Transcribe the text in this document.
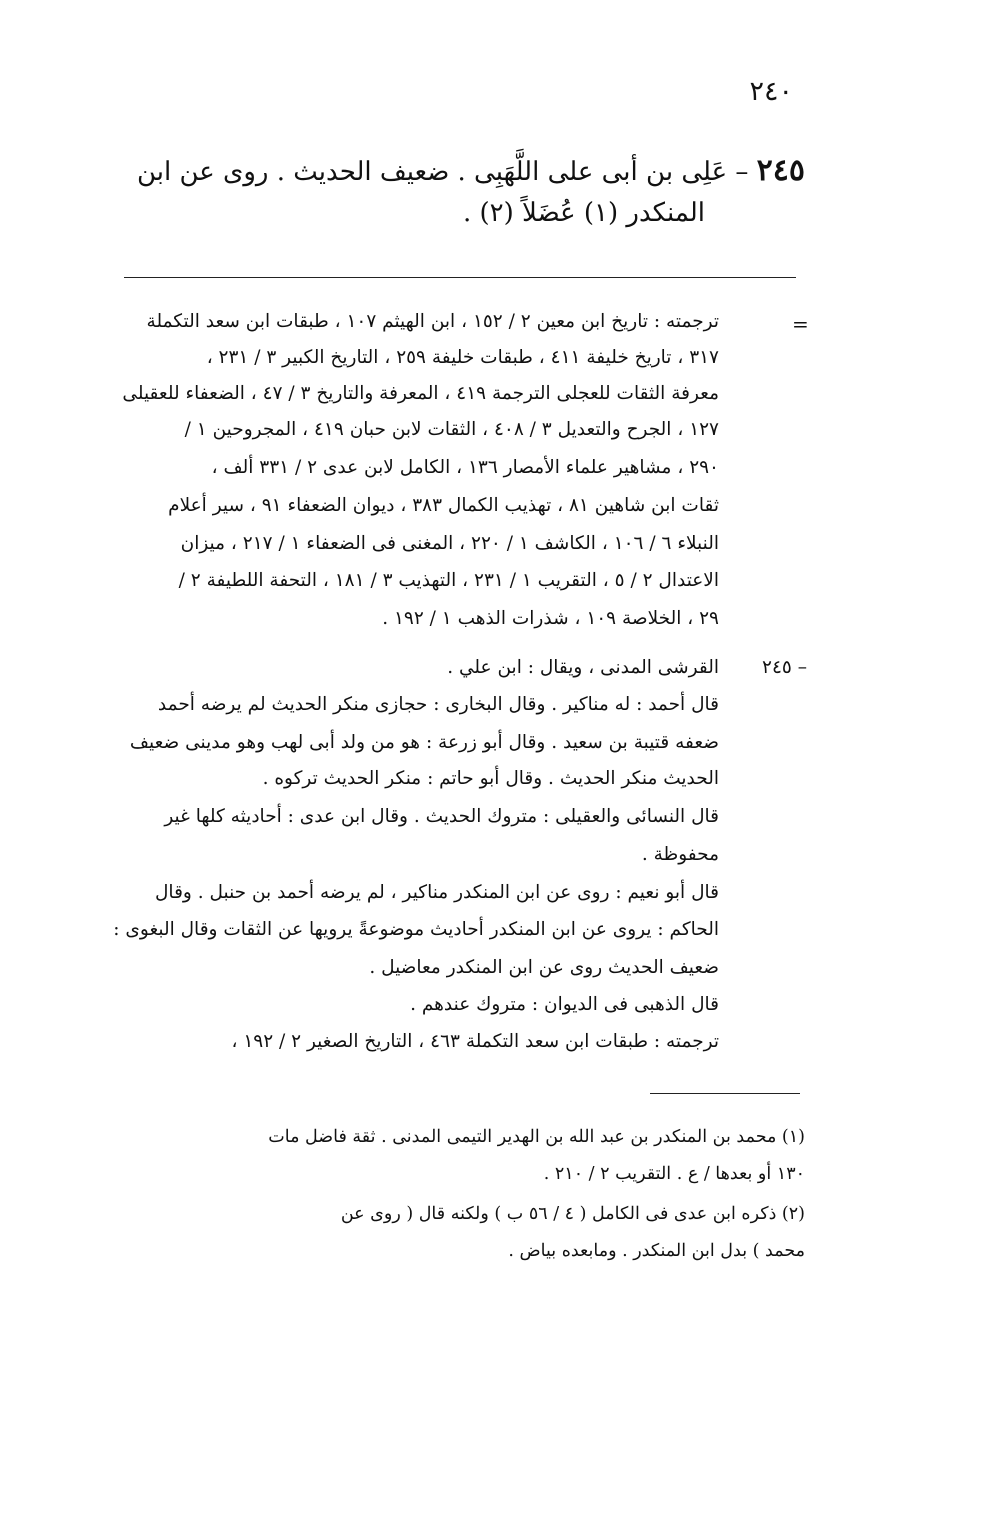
٢٤٠
٢٤٥ – عَلِى بن أبى على اللَّهَبِى . ضعيف الحديث . روى عن ابن
المنكدر (١) عُضَلاً (٢) .
=
ترجمته : تاريخ ابن معين ٢ / ١٥٢ ، ابن الهيثم ١٠٧ ، طبقات ابن سعد التكملة
٣١٧ ، تاريخ خليفة ٤١١ ، طبقات خليفة ٢٥٩ ، التاريخ الكبير ٣ / ٢٣١ ،
معرفة الثقات للعجلى الترجمة ٤١٩ ، المعرفة والتاريخ ٣ / ٤٧ ، الضعفاء للعقيلى
١٢٧ ، الجرح والتعديل ٣ / ٤٠٨ ، الثقات لابن حبان ٤١٩ ، المجروحين ١ /
٢٩٠ ، مشاهير علماء الأمصار ١٣٦ ، الكامل لابن عدى ٢ / ٣٣١ ألف ،
ثقات ابن شاهين ٨١ ، تهذيب الكمال ٣٨٣ ، ديوان الضعفاء ٩١ ، سير أعلام
النبلاء ٦ / ١٠٦ ، الكاشف ١ / ٢٢٠ ، المغنى فى الضعفاء ١ / ٢١٧ ، ميزان
الاعتدال ٢ / ٥ ، التقريب ١ / ٢٣١ ، التهذيب ٣ / ١٨١ ، التحفة اللطيفة ٢ /
٢٩ ، الخلاصة ١٠٩ ، شذرات الذهب ١ / ١٩٢ .
٢٤٥ –
القرشى المدنى ، ويقال : ابن علي .
قال أحمد : له مناكير . وقال البخارى : حجازى منكر الحديث لم يرضه أحمد
ضعفه قتيبة بن سعيد . وقال أبو زرعة : هو من ولد أبى لهب وهو مدينى ضعيف
الحديث منكر الحديث . وقال أبو حاتم : منكر الحديث تركوه .
قال النسائى والعقيلى : متروك الحديث . وقال ابن عدى : أحاديثه كلها غير
محفوظة .
قال أبو نعيم : روى عن ابن المنكدر مناكير ، لم يرضه أحمد بن حنبل . وقال
الحاكم : يروى عن ابن المنكدر أحاديث موضوعةً يرويها عن الثقات وقال البغوى :
ضعيف الحديث روى عن ابن المنكدر معاضيل .
قال الذهبى فى الديوان : متروك عندهم .
ترجمته : طبقات ابن سعد التكملة ٤٦٣ ، التاريخ الصغير ٢ / ١٩٢ ،
(١) محمد بن المنكدر بن عبد الله بن الهدير التيمى المدنى . ثقة فاضل مات
١٣٠ أو بعدها / ع . التقريب ٢ / ٢١٠ .
(٢) ذكره ابن عدى فى الكامل ( ٤ / ٥٦ ب ) ولكنه قال ( روى عن
محمد ) بدل ابن المنكدر . ومابعده بياض .
